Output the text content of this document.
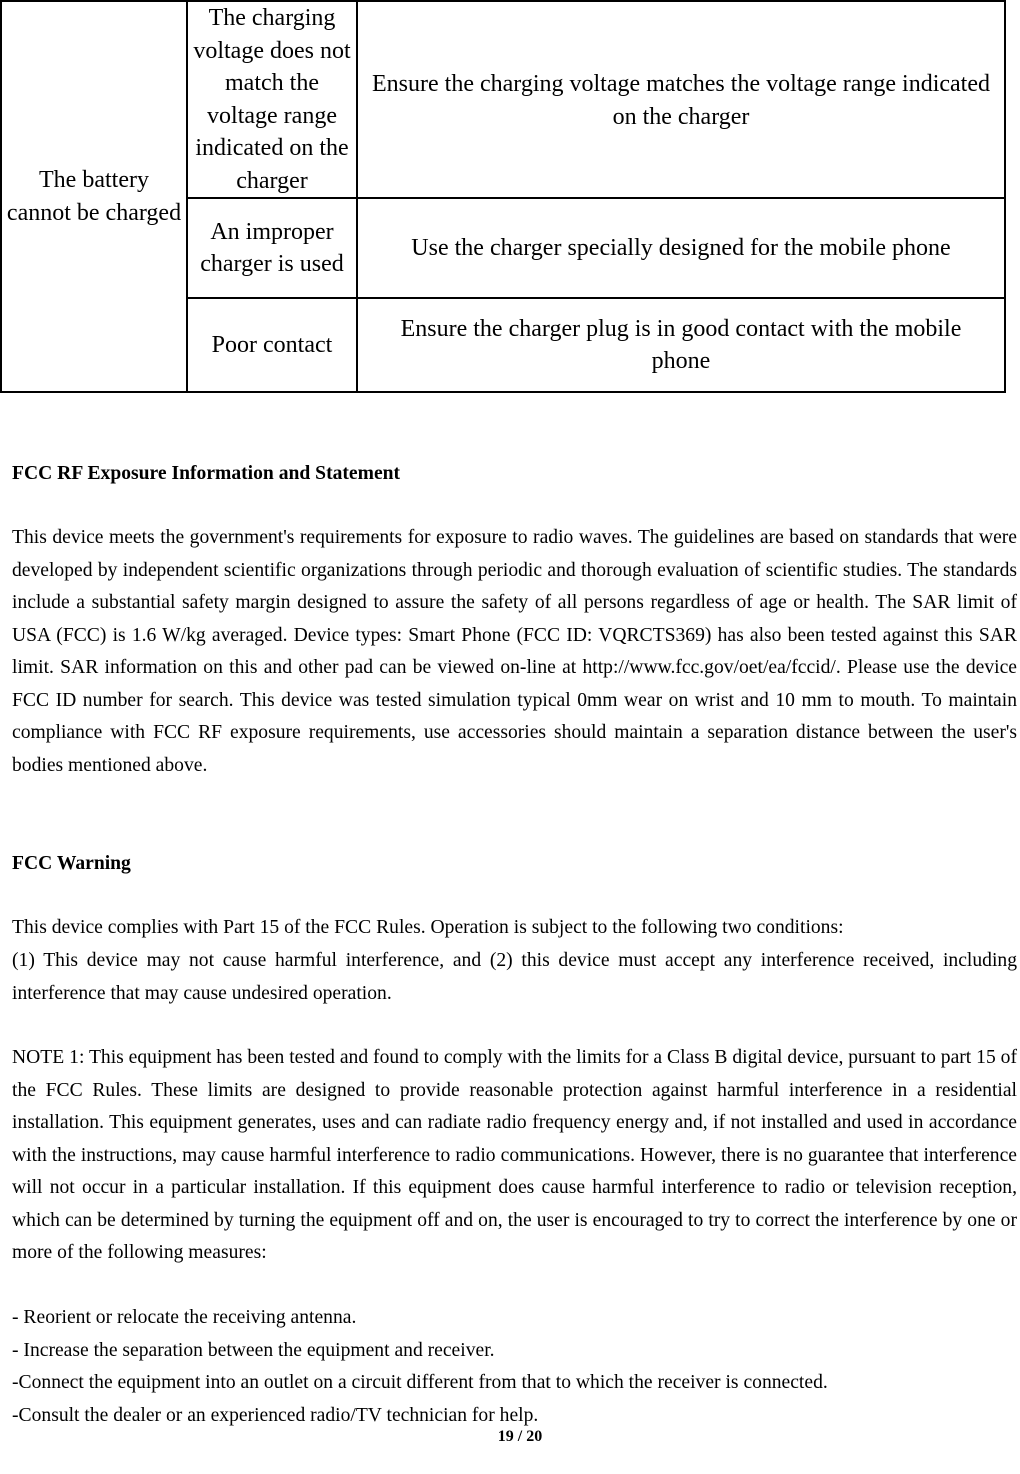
The battery cannot be charged	The charging voltage does not match the voltage range indicated on the charger	Ensure the charging voltage matches the voltage range indicated on the charger
	An improper charger is used	Use the charger specially designed for the mobile phone
	Poor contact	Ensure the charger plug is in good contact with the mobile phone
FCC RF Exposure Information and Statement

This device meets the government's requirements for exposure to radio waves. The guidelines are based on standards that were developed by independent scientific organizations through periodic and thorough evaluation of scientific studies. The standards include a substantial safety margin designed to assure the safety of all persons regardless of age or health. The SAR limit of USA (FCC) is 1.6 W/kg averaged. Device types: Smart Phone (FCC ID: VQRCTS369) has also been tested against this SAR limit. SAR information on this and other pad can be viewed on‑line at http://www.fcc.gov/oet/ea/fccid/. Please use the device FCC ID number for search. This device was tested simulation typical 0mm wear on wrist and 10 mm to mouth. To maintain compliance with FCC RF exposure requirements, use accessories should maintain a separation distance between the user's bodies mentioned above.

FCC Warning

This device complies with Part 15 of the FCC Rules. Operation is subject to the following two conditions:

(1) This device may not cause harmful interference, and (2) this device must accept any interference received, including interference that may cause undesired operation.

NOTE 1: This equipment has been tested and found to comply with the limits for a Class B digital device, pursuant to part 15 of the FCC Rules. These limits are designed to provide reasonable protection against harmful interference in a residential installation. This equipment generates, uses and can radiate radio frequency energy and, if not installed and used in accordance with the instructions, may cause harmful interference to radio communications. However, there is no guarantee that interference will not occur in a particular installation. If this equipment does cause harmful interference to radio or television reception, which can be determined by turning the equipment off and on, the user is encouraged to try to correct the interference by one or more of the following measures:

- Reorient or relocate the receiving antenna.
- Increase the separation between the equipment and receiver.
-Connect the equipment into an outlet on a circuit different from that to which the receiver is connected.
-Consult the dealer or an experienced radio/TV technician for help.
19 / 20
